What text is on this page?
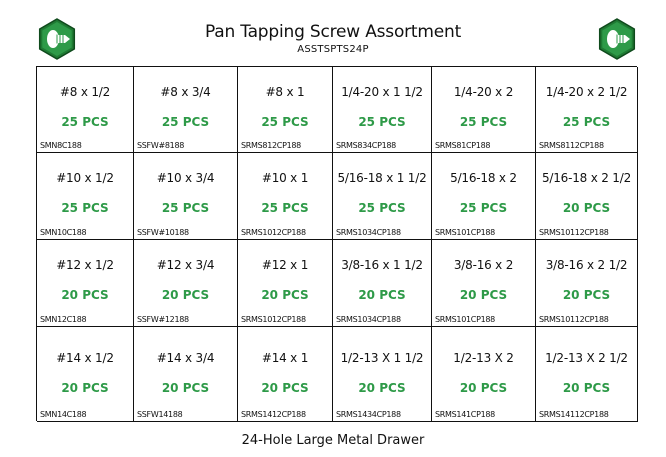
Pan Tapping Screw Assortment
ASSTSPTS24P
#8 x 1/2
25 PCS
SMN8C188
#8 x 3/4
25 PCS
SSFW#8188
#8 x 1
25 PCS
SRMS812CP188
1/4-20 x 1 1/2
25 PCS
SRMS834CP188
1/4-20 x 2
25 PCS
SRMS81CP188
1/4-20 x 2 1/2
25 PCS
SRMS8112CP188
#10 x 1/2
25 PCS
SMN10C188
#10 x 3/4
25 PCS
SSFW#10188
#10 x 1
25 PCS
SRMS1012CP188
5/16-18 x 1 1/2
25 PCS
SRMS1034CP188
5/16-18 x 2
25 PCS
SRMS101CP188
5/16-18 x 2 1/2
20 PCS
SRMS10112CP188
#12 x 1/2
20 PCS
SMN12C188
#12 x 3/4
20 PCS
SSFW#12188
#12 x 1
20 PCS
SRMS1012CP188
3/8-16 x 1 1/2
20 PCS
SRMS1034CP188
3/8-16 x 2
20 PCS
SRMS101CP188
3/8-16 x 2 1/2
20 PCS
SRMS10112CP188
#14 x 1/2
20 PCS
SMN14C188
#14 x 3/4
20 PCS
SSFW14188
#14 x 1
20 PCS
SRMS1412CP188
1/2-13 X 1 1/2
20 PCS
SRMS1434CP188
1/2-13 X 2
20 PCS
SRMS141CP188
1/2-13 X 2 1/2
20 PCS
SRMS14112CP188
24-Hole Large Metal Drawer
